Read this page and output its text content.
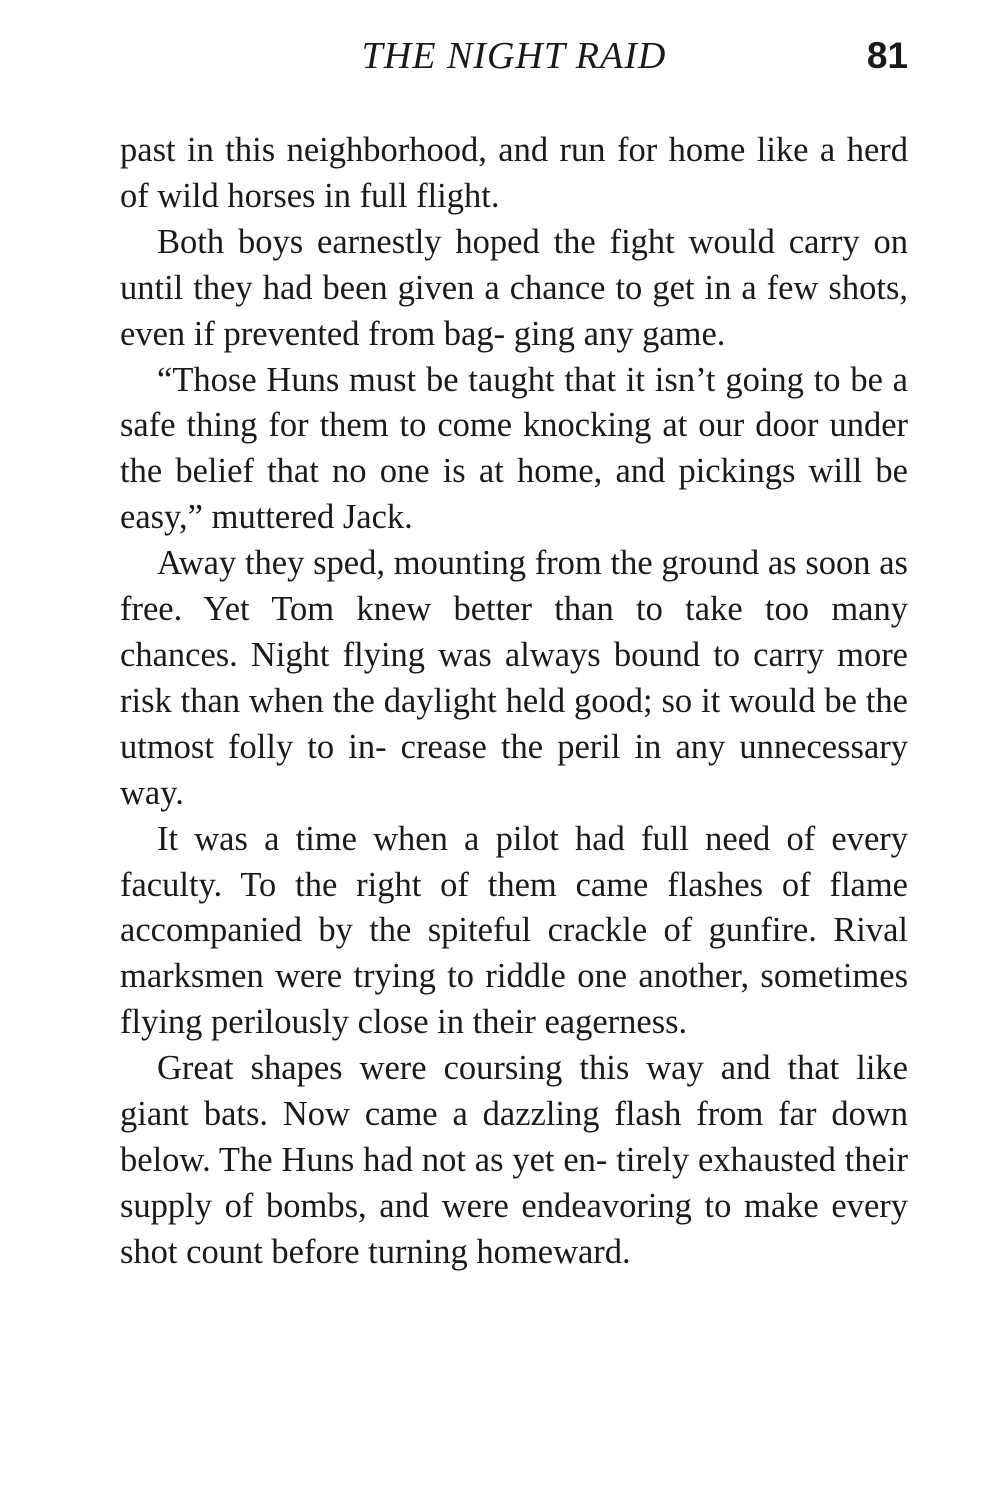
THE NIGHT RAID	81

past in this neighborhood, and run for home like a herd of wild horses in full flight.

Both boys earnestly hoped the fight would carry on until they had been given a chance to get in a few shots, even if prevented from bag- ging any game.

“Those Huns must be taught that it isn’t going to be a safe thing for them to come knocking at our door under the belief that no one is at home, and pickings will be easy,” muttered Jack.

Away they sped, mounting from the ground as soon as free. Yet Tom knew better than to take too many chances. Night flying was always bound to carry more risk than when the daylight held good; so it would be the utmost folly to in- crease the peril in any unnecessary way.

It was a time when a pilot had full need of every faculty. To the right of them came flashes of flame accompanied by the spiteful crackle of gunfire. Rival marksmen were trying to riddle one another, sometimes flying perilously close in their eagerness.

Great shapes were coursing this way and that like giant bats. Now came a dazzling flash from far down below. The Huns had not as yet en- tirely exhausted their supply of bombs, and were endeavoring to make every shot count before turning homeward.
